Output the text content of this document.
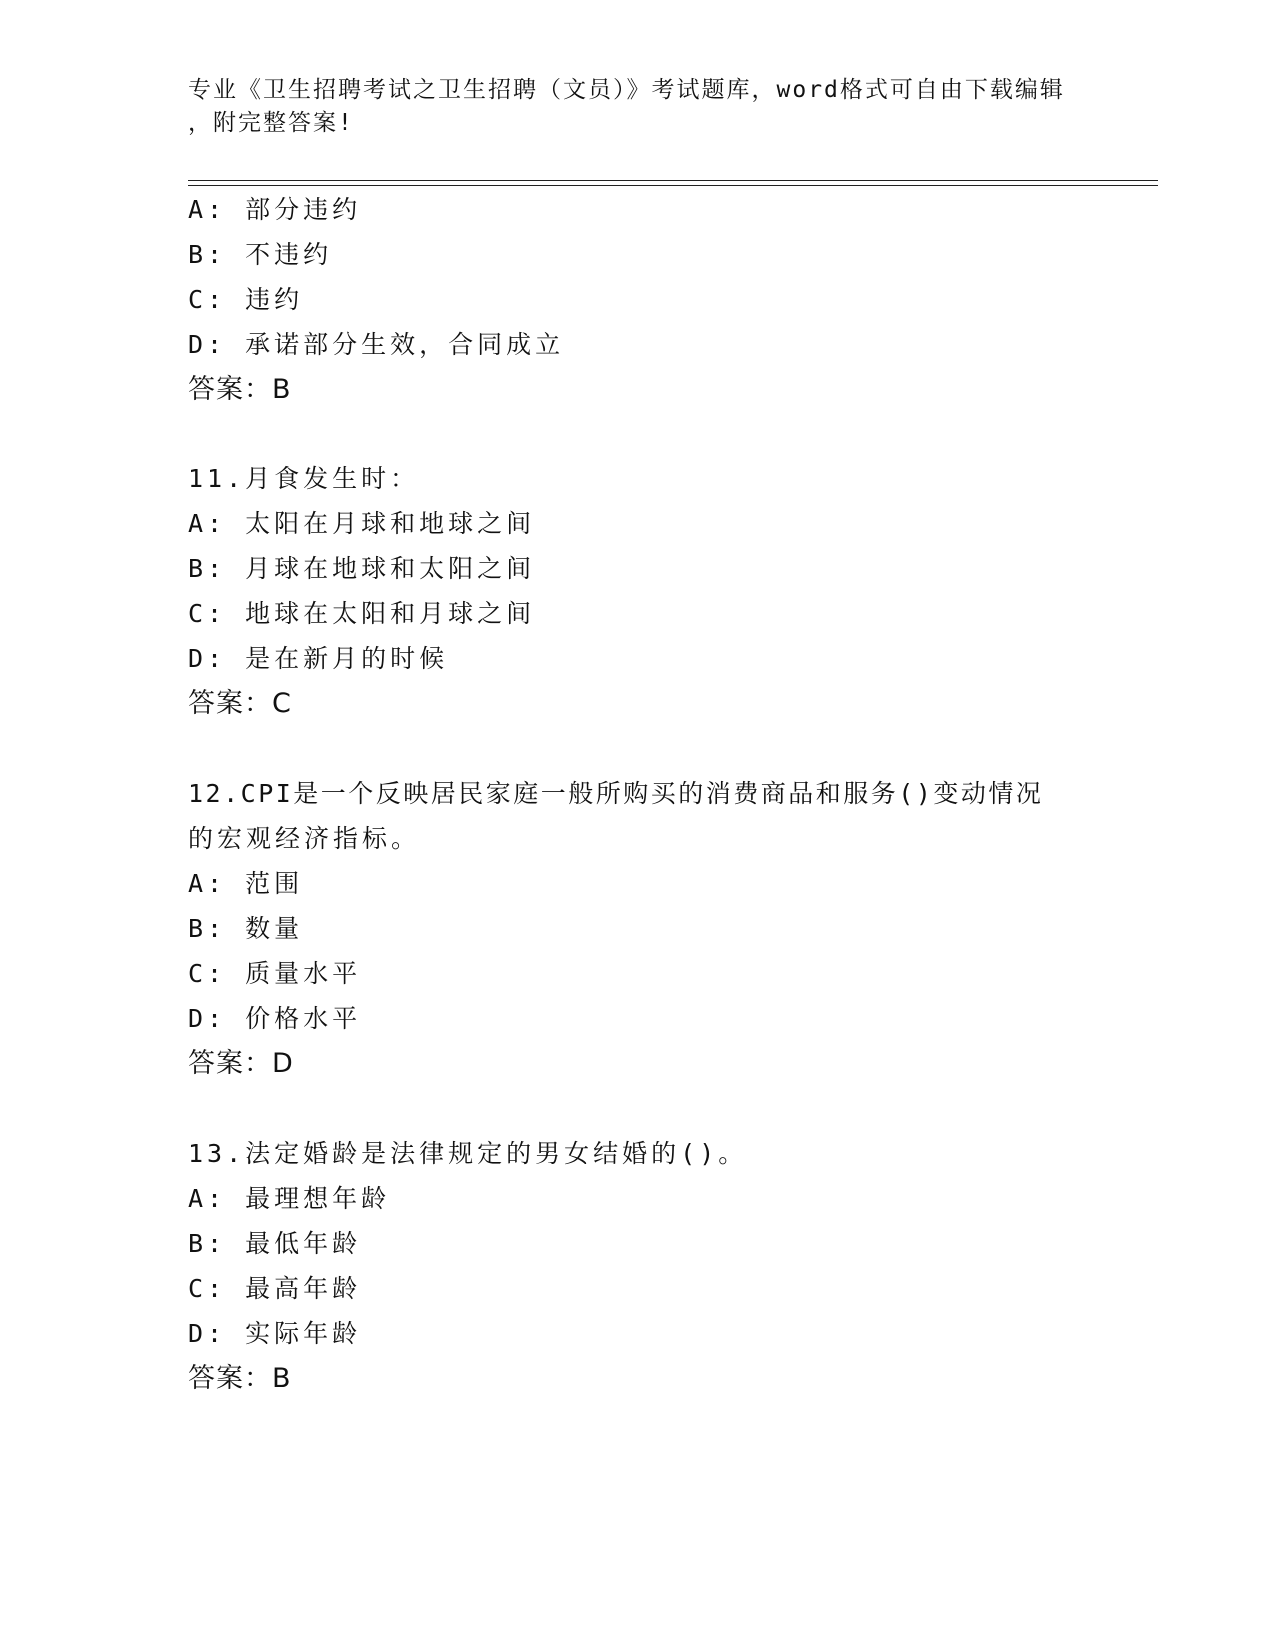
专业《卫生招聘考试之卫生招聘（文员）》考试题库，word格式可自由下载编辑
，附完整答案!
A: 部分违约
B: 不违约
C: 违约
D: 承诺部分生效，合同成立
答案：B
11.月食发生时：
A: 太阳在月球和地球之间
B: 月球在地球和太阳之间
C: 地球在太阳和月球之间
D: 是在新月的时候
答案：C
12.CPI是一个反映居民家庭一般所购买的消费商品和服务()变动情况
的宏观经济指标。
A: 范围
B: 数量
C: 质量水平
D: 价格水平
答案：D
13.法定婚龄是法律规定的男女结婚的()。
A: 最理想年龄
B: 最低年龄
C: 最高年龄
D: 实际年龄
答案：B
